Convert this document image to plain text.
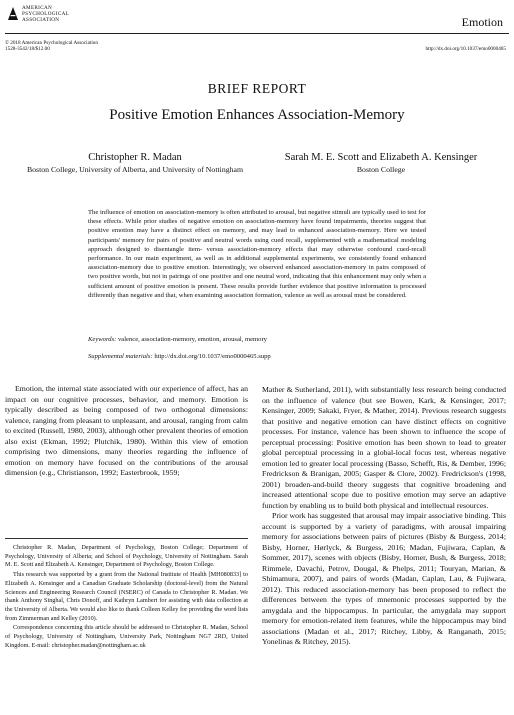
AMERICAN
PSYCHOLOGICAL
ASSOCIATION	Emotion
© 2018 American Psychological Association
1528-3542/18/$12.00	http://dx.doi.org/10.1037/emo0000465
BRIEF REPORT
Positive Emotion Enhances Association-Memory
Christopher R. Madan
Boston College, University of Alberta, and University of Nottingham
Sarah M. E. Scott and Elizabeth A. Kensinger
Boston College
The influence of emotion on association-memory is often attributed to arousal, but negative stimuli are typically used to test for these effects. While prior studies of negative emotion on association-memory have found impairments, theories suggest that positive emotion may have a distinct effect on memory, and may lead to enhanced association-memory. Here we tested participants' memory for pairs of positive and neutral words using cued recall, supplemented with a mathematical modeling approach designed to disentangle item- versus association-memory effects that may otherwise confound cued-recall performance. In our main experiment, as well as in additional supplemental experiments, we consistently found enhanced association-memory due to positive emotion. Interestingly, we observed enhanced association-memory in pairs composed of two positive words, but not in pairings of one positive and one neutral word, indicating that this enhancement may only when a sufficient amount of positive emotion is present. These results provide further evidence that positive information is processed differently than negative and that, when examining association formation, valence as well as arousal must be considered.
Keywords: valence, association-memory, emotion, arousal, memory
Supplemental materials: http://dx.doi.org/10.1037/emo0000465.supp

Emotion, the internal state associated with our experience of affect, has an impact on our cognitive processes, behavior, and memory. Emotion is typically described as being composed of two orthogonal dimensions: valence, ranging from pleasant to unpleasant, and arousal, ranging from calm to excited (Russell, 1980, 2003), although other prevalent theories of emotion also exist (Ekman, 1992; Plutchik, 1980). Within this view of emotion comprising two dimensions, many theories regarding the influence of emotion on memory have focused on the contributions of the arousal dimension (e.g., Christianson, 1992; Easterbrook, 1959;

Christopher R. Madan, Department of Psychology, Boston College; Department of Psychology, University of Alberta; and School of Psychology, University of Nottingham. Sarah M. E. Scott and Elizabeth A. Kensinger, Department of Psychology, Boston College.

This research was supported by a grant from the National Institute of Health [MH080833] to Elizabeth A. Kensinger and a Canadian Graduate Scholarship (doctoral-level) from the Natural Sciences and Engineering Research Council (NSERC) of Canada to Christopher R. Madan. We thank Anthony Singhal, Chris Donoff, and Kathryn Lambert for assisting with data collection at the University of Alberta. We would also like to thank Colleen Kelley for providing the word lists from Zimmerman and Kelley (2010).

Correspondence concerning this article should be addressed to Christopher R. Madan, School of Psychology, University of Nottingham, University Park, Nottingham NG7 2RD, United Kingdom. E-mail: christopher.madan@nottingham.ac.uk

Mather & Sutherland, 2011), with substantially less research being conducted on the influence of valence (but see Bowen, Kark, & Kensinger, 2017; Kensinger, 2009; Sakaki, Fryer, & Mather, 2014). Previous research suggests that positive and negative emotion can have distinct effects on cognitive processes. For instance, valence has been shown to influence the scope of perceptual processing: Positive emotion has been shown to lead to greater global perceptual processing in a global-local focus test, whereas negative emotion led to greater local processing (Basso, Schefft, Ris, & Dember, 1996; Fredrickson & Branigan, 2005; Gasper & Clore, 2002). Fredrickson's (1998, 2001) broaden-and-build theory suggests that cognitive broadening and increased attentional scope due to positive emotion may serve an adaptive function by enabling us to build both physical and intellectual resources.

Prior work has suggested that arousal may impair associative binding. This account is supported by a variety of paradigms, with arousal impairing memory for associations between pairs of pictures (Bisby & Burgess, 2014; Bisby, Horner, Hørlyck, & Burgess, 2016; Madan, Fujiwara, Caplan, & Sommer, 2017), scenes with objects (Bisby, Horner, Bush, & Burgess, 2018; Rimmele, Davachi, Petrov, Dougal, & Phelps, 2011; Touryan, Marian, & Shimamura, 2007), and pairs of words (Madan, Caplan, Lau, & Fujiwara, 2012). This reduced association-memory has been proposed to reflect the differences between the types of mnemonic processes supported by the amygdala and the hippocampus. In particular, the amygdala may support memory for emotion-related item features, while the hippocampus may bind associations (Madan et al., 2017; Ritchey, Libby, & Ranganath, 2015; Yonelinas & Ritchey, 2015).
